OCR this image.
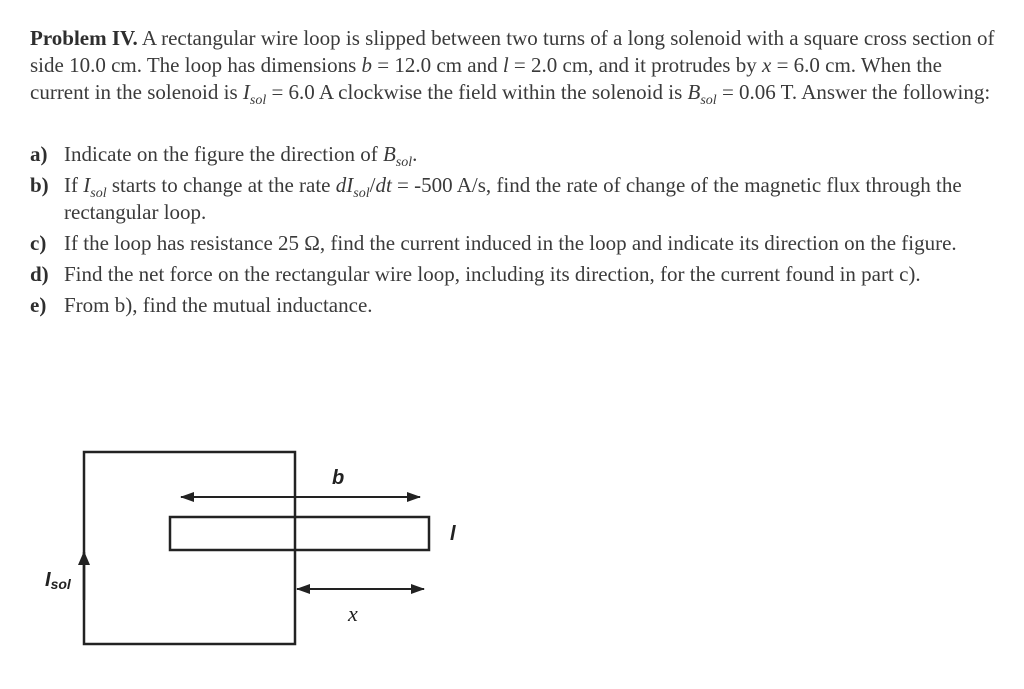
Problem IV. A rectangular wire loop is slipped between two turns of a long solenoid with a square cross section of side 10.0 cm. The loop has dimensions b = 12.0 cm and l = 2.0 cm, and it protrudes by x = 6.0 cm. When the current in the solenoid is $I_{sol} = 6.0$ A clockwise the field within the solenoid is $B_{sol} = 0.06$ T. Answer the following:
a) Indicate on the figure the direction of $B_{sol}$.
b) If $I_{sol}$ starts to change at the rate $dI_{sol}/dt = -500$ A/s, find the rate of change of the magnetic flux through the rectangular loop.
c) If the loop has resistance 25 Ω, find the current induced in the loop and indicate its direction on the figure.
d) Find the net force on the rectangular wire loop, including its direction, for the current found in part c).
e) From b), find the mutual inductance.
b
l
x
Isol
